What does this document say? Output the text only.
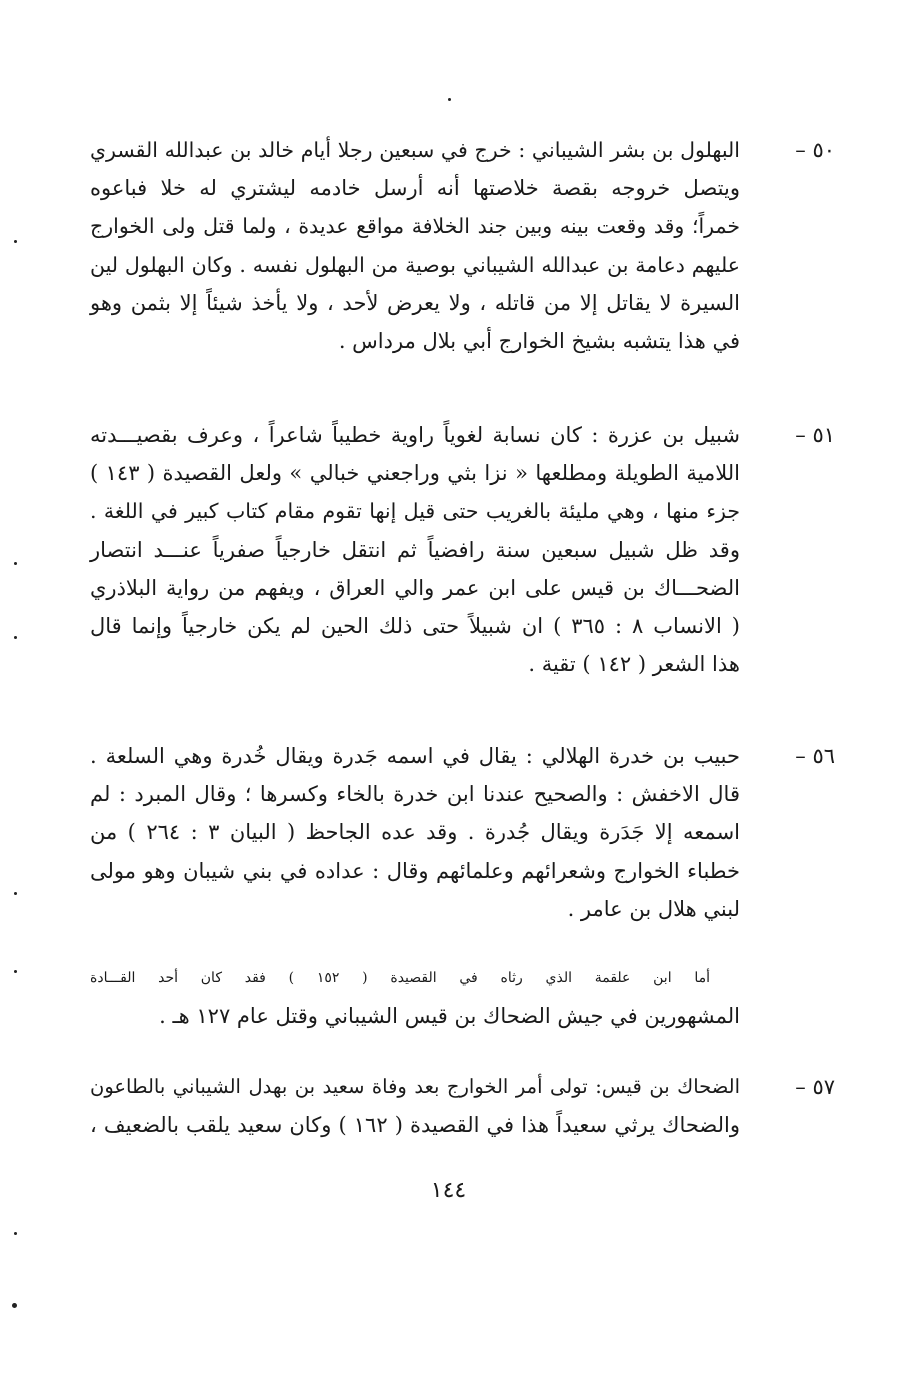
٥٠ –
البهلول بن بشر الشيباني : خرج في سبعين رجلا أيام خالد بن عبدالله القسري
ويتصل خروجه بقصة خلاصتها أنه أرسل خادمه ليشتري له خلا فباعوه
خمراً؛ وقد وقعت بينه وبين جند الخلافة مواقع عديدة ، ولما قتل ولى الخوارج
عليهم دعامة بن عبدالله الشيباني بوصية من البهلول نفسه . وكان البهلول لين
السيرة لا يقاتل إلا من قاتله ، ولا يعرض لأحد ، ولا يأخذ شيئاً إلا بثمن وهو
في هذا يتشبه بشيخ الخوارج أبي بلال مرداس .
٥١ –
شبيل بن عزرة : كان نسابة لغوياً راوية خطيباً شاعراً ، وعرف بقصيـــدته
اللامية الطويلة ومطلعها « نزا بثي وراجعني خبالي » ولعل القصيدة ( ١٤٣ )
جزء منها ، وهي مليئة بالغريب حتى قيل إنها تقوم مقام كتاب كبير في اللغة .
وقد ظل شبيل سبعين سنة رافضياً ثم انتقل خارجياً صفرياً عنـــد انتصار
الضحـــاك بن قيس على ابن عمر والي العراق ، ويفهم من رواية البلاذري
( الانساب ٨ : ٣٦٥ ) ان شبيلاً حتى ذلك الحين لم يكن خارجياً وإنما قال
هذا الشعر ( ١٤٢ ) تقية .
٥٦ –
حبيب بن خدرة الهلالي : يقال في اسمه جَدرة ويقال خُدرة وهي السلعة .
قال الاخفش : والصحيح عندنا ابن خدرة بالخاء وكسرها ؛ وقال المبرد : لم
اسمعه إلا جَدَرة ويقال جُدرة . وقد عده الجاحظ ( البيان ٣ : ٢٦٤ ) من
خطباء الخوارج وشعرائهم وعلمائهم وقال : عداده في بني شيبان وهو مولى
لبني هلال بن عامر .
أما ابن علقمة الذي رثاه في القصيدة ( ١٥٢ ) فقد كان أحد القـــادة
المشهورين في جيش الضحاك بن قيس الشيباني وقتل عام ١٢٧ هـ .
٥٧ –
الضحاك بن قيس: تولى أمر الخوارج بعد وفاة سعيد بن بهدل الشيباني بالطاعون
والضحاك يرثي سعيداً هذا في القصيدة ( ١٦٢ ) وكان سعيد يلقب بالضعيف ،
١٤٤
